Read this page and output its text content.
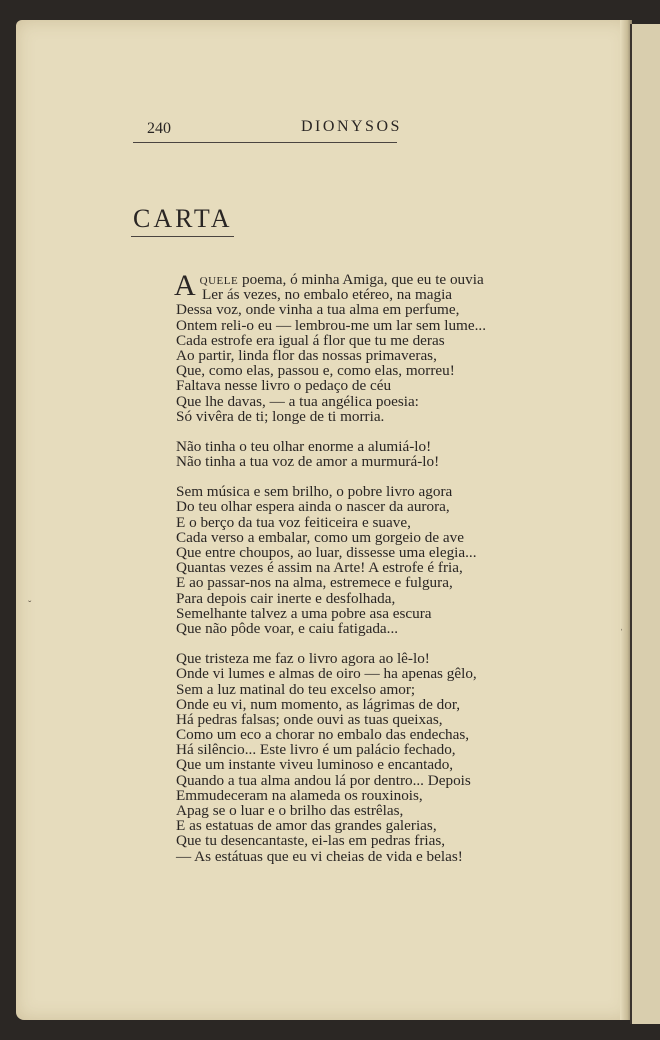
240	DIONYSOS
CARTA
A quele poema, ó minha Amiga, que eu te ouvia
Ler ás vezes, no embalo etéreo, na magia
Dessa voz, onde vinha a tua alma em perfume,
Ontem reli-o eu — lembrou-me um lar sem lume...
Cada estrofe era igual á flor que tu me deras
Ao partir, linda flor das nossas primaveras,
Que, como elas, passou e, como elas, morreu!
Faltava nesse livro o pedaço de céu
Que lhe davas, — a tua angélica poesia:
Só vivêra de ti; longe de ti morria.
Não tinha o teu olhar enorme a alumiá-lo!
Não tinha a tua voz de amor a murmurá-lo!
Sem música e sem brilho, o pobre livro agora
Do teu olhar espera ainda o nascer da aurora,
E o berço da tua voz feiticeira e suave,
Cada verso a embalar, como um gorgeio de ave
Que entre choupos, ao luar, dissesse uma elegia...
Quantas vezes é assim na Arte! A estrofe é fria,
E ao passar-nos na alma, estremece e fulgura,
Para depois cair inerte e desfolhada,
Semelhante talvez a uma pobre asa escura
Que não pôde voar, e caiu fatigada...
Que tristeza me faz o livro agora ao lê-lo!
Onde vi lumes e almas de oiro — ha apenas gêlo,
Sem a luz matinal do teu excelso amor;
Onde eu vi, num momento, as lágrimas de dor,
Há pedras falsas; onde ouvi as tuas queixas,
Como um eco a chorar no embalo das endechas,
Há silêncio... Este livro é um palácio fechado,
Que um instante viveu luminoso e encantado,
Quando a tua alma andou lá por dentro... Depois
Emmudeceram na alameda os rouxinois,
Apag se o luar e o brilho das estrêlas,
E as estatuas de amor das grandes galerias,
Que tu desencantaste, ei-las em pedras frias,
— As estátuas que eu vi cheias de vida e belas!
ˇ
ˈ
